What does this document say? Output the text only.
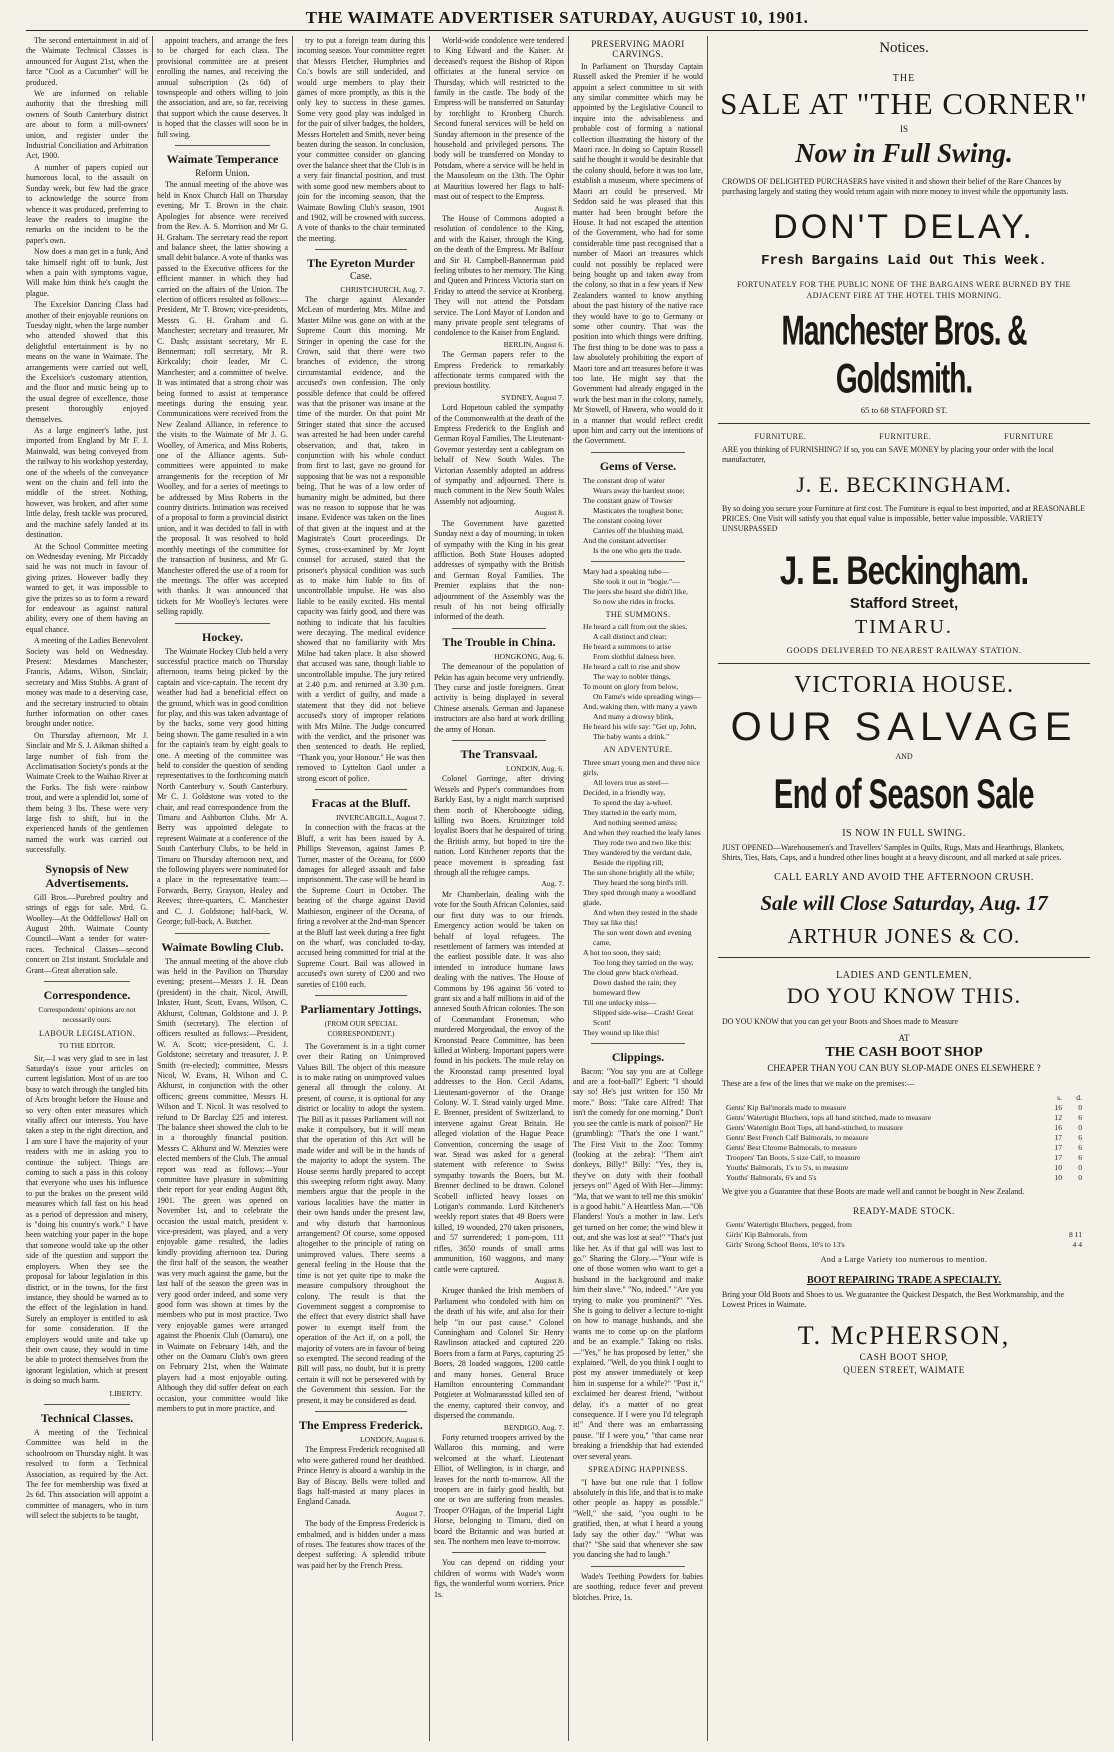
THE WAIMATE ADVERTISER SATURDAY, AUGUST 10, 1901.

The second entertainment in aid of the Waimate Technical Classes is announced for August 21st, when the farce "Cool as a Cucumber" will be produced.

We are informed on reliable authority that the threshing mill owners of South Canterbury district are about to form a mill-owners' union, and register under the Industrial Conciliation and Arbitration Act, 1900.

A number of papers copied our humorous local, to the assault on Sunday week, but few had the grace to acknowledge the source from whence it was produced, preferring to leave the readers to imagine the remarks on the incident to be the paper's own.

Now does a man get in a funk, And take himself right off to bunk, Just when a pain with symptoms vague, Will make him think he's caught the plague.

The Excelsior Dancing Class had another of their enjoyable reunions on Tuesday night, when the large number who attended showed that this delightful entertainment is by no means on the wane in Waimate. The arrangements were carried out well, the Excelsior's customary attention, and the floor and music being up to the usual degree of excellence, those present thoroughly enjoyed themselves.

As a large engineer's lathe, just imported from England by Mr F. J. Mainwald, was being conveyed from the railway to his workshop yesterday, one of the wheels of the conveyance went on the chain and fell into the middle of the street. Nothing, however, was broken, and after some little delay, fresh tackle was procured, and the machine safely landed at its destination.

At the School Committee meeting on Wednesday evening, Mr Piccaddy said he was not much in favour of giving prizes. However badly they wanted to get, it was impossible to give the prizes so as to form a reward for endeavour as against natural ability, every one of them having an equal chance.

A meeting of the Ladies Benevolent Society was held on Wednesday. Present: Mesdames Manchester, Francis, Adams, Wilson, Sinclair, secretary and Miss Stubbs. A grant of money was made to a deserving case, and the secretary instructed to obtain further information on other cases brought under notice.

On Thursday afternoon, Mr J. Sinclair and Mr S. J. Aikman shifted a large number of fish from the Acclimatisation Society's ponds at the Waimate Creek to the Waihao River at the Forks. The fish were rainbow trout, and were a splendid lot, some of them being 3 lbs. These were very large fish to shift, but in the experienced hands of the gentlemen named the work was carried out successfully.

Synopsis of New Advertisements.

Gill Bros.—Purebred poultry and strings of eggs for sale. Mrd. G. Woolley—At the Oddfellows' Hall on August 20th. Waimate County Council—Want a tender for water-races. Technical Classes—second concert on 21st instant. Stockdale and Grant—Great alteration sale.

Correspondence.
Correspondents' opinions are not necessarily ours.
LABOUR LEGISLATION.
TO THE EDITOR.

Sir,—I was very glad to see in last Saturday's issue your articles on current legislation. Most of us are too busy to watch through the tangled bits of Acts brought before the House and so very often enter measures which vitally affect our interests. You have taken a step in the right direction, and I am sure I have the majority of your readers with me in asking you to continue the subject. Things are coming to such a pass in this colony that everyone who uses his influence to put the brakes on the present wild measures which fall fast on his head as a period of depression and misery, is "doing his country's work." I have been watching your paper in the hope that someone would take up the other side of the question and support the employers. When they see the proposal for labour legislation in this district, or in the towns, for the first instance, they should be warned as to the effect of the legislation in hand. Surely an employer is entitled to ask for some consideration. If the employers would unite and take up their own cause, they would in time be able to protect themselves from the ignorant legislation, which at present is doing so much harm.

LIBERTY.
Technical Classes.

A meeting of the Technical Committee was held in the schoolroom on Thursday night. It was resolved to form a Technical Association, as required by the Act. The fee for membership was fixed at 2s 6d. This association will appoint a committee of managers, who in turn will select the subjects to be taught,

appoint teachers, and arrange the fees to be charged for each class. The provisional committee are at present enrolling the names, and receiving the annual subscription (2s 6d) of townspeople and others willing to join the association, and are, so far, receiving that support which the cause deserves. It is hoped that the classes will soon be in full swing.

Waimate Temperance
Reform Union.

The annual meeting of the above was held in Knox Church Hall on Thursday evening, Mr T. Brown in the chair. Apologies for absence were received from the Rev. A. S. Morrison and Mr G. H. Graham. The secretary read the report and balance sheet, the latter showing a small debit balance. A vote of thanks was passed to the Executive officers for the efficient manner in which they had carried on the affairs of the Union. The election of officers resulted as follows:—President, Mr T. Brown; vice-presidents, Messrs G. H. Graham and G. Manchester; secretary and treasurer, Mr C. Dash; assistant secretary, Mr E. Bennerman; roll secretary, Mr R. Kirkcaldy; choir leader, Mr C. Manchester; and a committee of twelve. It was intimated that a strong choir was being formed to assist at temperance meetings during the ensuing year. Communications were received from the New Zealand Alliance, in reference to the visits to the Waimate of Mr J. G. Woolley, of America, and Miss Roberts, one of the Alliance agents. Sub-committees were appointed to make arrangements for the reception of Mr Woolley, and for a series of meetings to be addressed by Miss Roberts in the country districts. Intimation was received of a proposal to form a provincial district union, and it was decided to fall in with the proposal. It was resolved to hold monthly meetings of the committee for the transaction of business, and Mr G. Manchester offered the use of a room for the meetings. The offer was accepted with thanks. It was announced that tickets for Mr Woolley's lectures were selling rapidly.

Hockey.

The Waimate Hockey Club held a very successful practice match on Thursday afternoon, teams being picked by the captain and vice-captain. The recent dry weather had had a beneficial effect on the ground, which was in good condition for play, and this was taken advantage of by the backs, some very good hitting being shown. The game resulted in a win for the captain's team by eight goals to one. A meeting of the committee was held to consider the question of sending representatives to the forthcoming match North Canterbury v. South Canterbury. Mr C. J. Goldstone was voted to the chair, and read correspondence from the Timaru and Ashburton Clubs. Mr A. Berry was appointed delegate to represent Waimate at a conference of the South Canterbury Clubs, to be held in Timaru on Thursday afternoon next, and the following players were nominated for a place in the representative team:—Forwards, Berry, Grayson, Healey and Reeves; three-quarters, C. Manchester and C. J. Goldstone; half-back, W. George; full-back, A. Butcher.

Waimate Bowling Club.

The annual meeting of the above club was held in the Pavilion on Thursday evening; present—Messrs J. H. Dean (president) in the chair, Nicol, Atwill, Inkster, Hunt, Scott, Evans, Wilson, C. Akhurst, Coltman, Goldstone and J. P. Smith (secretary). The election of officers resulted as follows:—President, W. A. Scott; vice-president, C. J. Goldstone; secretary and treasurer, J. P. Smith (re-elected); committee, Messrs Nicol, W. Evans, H. Wilson and C. Akhurst, in conjunction with the other officers; greens committee, Messrs H. Wilson and T. Nicol. It was resolved to refund to Dr Barclay £25 and interest. The balance sheet showed the club to be in a thoroughly financial position. Messrs C. Akhurst and W. Menzies were elected members of the Club. The annual report was read as follows:—Your committee have pleasure in submitting their report for year ending August 8th, 1901. The green was opened on November 1st, and to celebrate the occasion the usual match, president v. vice-president, was played, and a very enjoyable game resulted, the ladies kindly providing afternoon tea. During the first half of the season, the weather was very much against the game, but the last half of the season the green was in very good order indeed, and some very good form was shown at times by the members who put in most practice. Two very enjoyable games were arranged against the Phoenix Club (Oamaru), one in Waimate on February 14th, and the other on the Oamaru Club's own green on February 21st, when the Waimate players had a most enjoyable outing. Although they did suffer defeat on each occasion, your committee would like members to put in more practice, and

try to put a foreign team during this incoming season. Your committee regret that Messrs Fletcher, Humphries and Co.'s bowls are still undecided, and would urge members to play their games of more promptly, as this is the only key to success in these games. Some very good play was indulged in for the pair of silver badges, the holders, Messrs Hortelett and Smith, never being beaten during the season. In conclusion, your committee consider on glancing over the balance sheet that the Club is in a very fair financial position, and trust with some good new members about to join for the incoming season, that the Waimate Bowling Club's season, 1901 and 1902, will be crowned with success. A vote of thanks to the chair terminated the meeting.

The Eyreton Murder
Case.
CHRISTCHURCH, Aug. 7.

The charge against Alexander McLean of murdering Mrs. Milne and Master Milne was gone on with at the Supreme Court this morning. Mr Stringer in opening the case for the Crown, said that there were two branches of evidence, the strong circumstantial evidence, and the accused's own confession. The only possible defence that could be offered was that the prisoner was insane at the time of the murder. On that point Mr Stringer stated that since the accused was arrested he had been under careful observation, and that, taken in conjunction with his whole conduct from first to last, gave no ground for supposing that he was not a responsible being. That he was of a low order of humanity might be admitted, but there was no reason to suppose that he was insane. Evidence was taken on the lines of that given at the inquest and at the Magistrate's Court proceedings. Dr Symes, cross-examined by Mr Joynt counsel for accused, stated that the prisoner's physical condition was such as to make him liable to fits of uncontrollable impulse. He was also liable to be easily excited. His mental capacity was fairly good, and there was nothing to indicate that his faculties were decaying. The medical evidence showed that no familiarity with Mrs Milne had taken place. It also showed that accused was sane, though liable to uncontrollable impulse. The jury retired at 2.40 p.m. and returned at 3.30 p.m. with a verdict of guilty, and made a statement that they did not believe accused's story of improper relations with Mrs Milne. The Judge concurred with the verdict, and the prisoner was then sentenced to death. He replied, "Thank you, your Honour." He was then removed to Lyttelton Gaol under a strong escort of police.

Fracas at the Bluff.
INVERCARGILL, August 7.

In connection with the fracas at the Bluff, a writ has been issued by A. Phillips Stevenson, against James P. Turner, master of the Oceana, for £600 damages for alleged assault and false imprisonment. The case will be heard in the Supreme Court in October. The hearing of the charge against David Mathieson, engineer of the Oceana, of firing a revolver at the 2nd-man Spencer at the Bluff last week during a free fight on the wharf, was concluded to-day, accused being committed for trial at the Supreme Court. Bail was allowed in accused's own surety of £200 and two sureties of £100 each.

Parliamentary Jottings.
(FROM OUR SPECIAL CORRESPONDENT.)

The Government is in a tight corner over their Rating on Unimproved Values Bill. The object of this measure is to make rating on unimproved values general all through the colony. At present, of course, it is optional for any district or locality to adopt the system. The Bill as it passes Parliament will not make it compulsory, but it will mean that the operation of this Act will be made wider and will be in the hands of the majority to adopt the system. The House seems hardly prepared to accept this sweeping reform right away. Many members argue that the people in the various localities have the matter in their own hands under the present law, and why disturb that harmonious arrangement? Of course, some opposed altogether to the principle of rating on unimproved values. There seems a general feeling in the House that the time is not yet quite ripe to make the measure compulsory throughout the colony. The result is that the Government suggest a compromise to the effect that every district shall have power to exempt itself from the operation of the Act if, on a poll, the majority of voters are in favour of being so exempted. The second reading of the Bill will pass, no doubt, but it is pretty certain it will not be persevered with by the Government this session. For the present, it may be considered as dead.

The Empress Frederick.
LONDON, August 6.

The Empress Frederick recognised all who were gathered round her deathbed. Prince Henry is aboard a warship in the Bay of Biscay. Bells were tolled and flags half-masted at many places in England Canada.

August 7.

The body of the Empress Frederick is embalmed, and is hidden under a mass of roses. The features show traces of the deepest suffering. A splendid tribute was paid her by the French Press.

World-wide condolence were tendered to King Edward and the Kaiser. At deceased's request the Bishop of Ripon officiates at the funeral service on Thursday, which will restricted to the family in the castle. The body of the Empress will be transferred on Saturday by torchlight to Kronberg Church. Second funeral services will be held on Sunday afternoon in the presence of the household and privileged persons. The body will be transferred on Monday to Potsdam, where a service will be held in the Mausoleum on the 13th. The Ophir at Mauritius lowered her flags to half-mast out of respect to the Empress.

August 8.

The House of Commons adopted a resolution of condolence to the King, and with the Kaiser, through the King, on the death of the Empress. Mr Balfour and Sir H. Campbell-Bannerman paid feeling tributes to her memory. The King and Queen and Princess Victoria start on Friday to attend the service at Kronberg. They will not attend the Potsdam service. The Lord Mayor of London and many private people sent telegrams of condolence to the Kaiser from England.

BERLIN, August 6.

The German papers refer to the Empress Frederick to remarkably affectionate terms compared with the previous hostility.

SYDNEY, August 7.

Lord Hopetoun cabled the sympathy of the Commonwealth at the death of the Empress Frederick to the English and German Royal Families. The Lieutenant-Governor yesterday sent a cablegram on behalf of New South Wales. The Victorian Assembly adopted an address of sympathy and adjourned. There is much comment in the New South Wales Assembly not adjourning.

August 8.

The Government have gazetted Sunday next a day of mourning, in token of sympathy with the King in his great affliction. Both State Houses adopted addresses of sympathy with the British and German Royal Families. The Premier explains that the non-adjournment of the Assembly was the result of his not being officially informed of the death.

The Trouble in China.
HONGKONG, Aug. 6.

The demeanour of the population of Pekin has again become very unfriendly. They curse and jostle foreigners. Great activity is being displayed in several Chinese arsenals. German and Japanese instructors are also hard at work drilling the army of Honan.

The Transvaal.
LONDON, Aug. 6.

Colonel Gorringe, after driving Wessels and Pyper's commandoes from Barkly East, by a night march surprised them north of Kheroboogte siding, killing two Boers. Kruitzinger told loyalist Boers that he despaired of tiring the British army, but hoped to tire the nation. Lord Kitchener reports that the peace movement is spreading fast through all the refugee camps.

Aug. 7.

Mr Chamberlain, dealing with the vote for the South African Colonies, said our first duty was to our friends. Emergency action would be taken on behalf of loyal refugees. The resettlement of farmers was intended at the earliest possible date. It was also intended to introduce humane laws dealing with the natives. The House of Commons by 196 against 56 voted to grant six and a half millions in aid of the annexed South African colonies. The son of Commandant Froneman, who murdered Morgendaal, the envoy of the Kroonstad Peace Committee, has been killed at Winberg. Important papers were found in his pockets. The mule relay on the Kroonstad camp presented loyal addresses to the Hon. Cecil Adams, Lieutenant-governor of the Orange Colony. W. T. Stead vainly urged Mme. E. Brenner, president of Switzerland, to intervene against Great Britain. He alleged violation of the Hague Peace Convention, concerning the usage of war. Stead was asked for a general statement with reference to Swiss sympathy towards the Boers, but M. Brenner declined to be drawn. Colonel Scobell inflicted heavy losses on Lotigan's commando. Lord Kitchener's weekly report states that 49 Boers were killed, 19 wounded, 270 taken prisoners, and 57 surrendered; 1 pom-pom, 111 rifles, 3650 rounds of small arms ammunition, 160 waggons, and many cattle were captured.

August 8.

Kruger thanked the Irish members of Parliament who condoled with him on the death of his wife, and also for their help "in our past cause." Colonel Cunningham and Colonel Sir Henry Rawlinson attacked and captured 220 Boers from a farm at Parys, capturing 25 Boers, 28 loaded waggons, 1200 cattle and many horses. General Bruce Hamilton encountering Commandant Potgieter at Wolmaransstad killed ten of the enemy, captured their convoy, and dispersed the commando.

BENDIGO, Aug. 7.

Forty returned troopers arrived by the Wallaroo this morning, and were welcomed at the wharf. Lieutenant Elliot, of Wellington, is in charge, and leaves for the north to-morrow. All the troopers are in fairly good health, but one or two are suffering from measles. Trooper O'Hagan, of the Imperial Light Horse, belonging to Timaru, died on board the Britannic and was buried at sea. The northern men leave to-morrow.

You can depend on ridding your children of worms with Wade's worm figs, the wonderful worm worriers. Price 1s.

PRESERVING MAORI CARVINGS.

In Parliament on Thursday Captain Russell asked the Premier if he would appoint a select committee to sit with any similar committee which may be appointed by the Legislative Council to inquire into the advisableness and probable cost of forming a national collection illustrating the history of the Maori race. In doing so Captain Russell said he thought it would be desirable that the colony should, before it was too late, establish a museum, where specimens of Maori art could be preserved. Mr Seddon said he was pleased that this matter had been brought before the House. It had not escaped the attention of the Government, who had for some considerable time past recognised that a number of Maori art treasures which could not possibly be replaced were being bought up and taken away from the colony, so that in a few years if New Zealanders wanted to know anything about the past history of the native race they would have to go to Germany or some other country. That was the position into which things were drifting. The first thing to be done was to pass a law absolutely prohibiting the export of Maori tore and art treasures before it was too late. He might say that the Government had already engaged in the work the best man in the colony, namely, Mr Stowell, of Hawera, who would do it in a manner that would reflect credit upon him and carry out the intentions of the Government.

Gems of Verse.
The constant drop of water
Wears away the hardest stone;
The constant gnaw of Towser
Masticates the toughest bone;
The constant cooing lover
Carries off the blushing maid,
And the constant advertiser
Is the one who gets the trade.
Mary had a speaking tube—
She took it out in "bogie."—
The jeers she heard she didn't like,
So now she rides in frocks.
THE SUMMONS.
He heard a call from out the skies,
A call distinct and clear;
He heard a summons to arise
From slothful dalness here.
He heard a call to rise and show
The way to nobler things,
To mount on glory from below,
On Fame's wide spreading wings—
And, waking then, with many a yawn
And many a drowsy blink,
He heard his wife say: "Get up, John,
The baby wants a drink."
AN ADVENTURE.
Three smart young men and three nice girls,
All lovers true as steel—
Decided, in a friendly way,
To spend the day a-wheel.
They started in the early morn,
And nothing seemed amiss;
And when they reached the leafy lanes
They rode two and two like this:
They wandered by the verdant dale,
Beside the rippling rill;
The sun shone brightly all the while;
They heard the song bird's trill.
They sped through many a woodland glade,
And when they rested in the shade
They sat like this!
The sun went down and evening came,
A hot too soon, they said;
Too long they tarried on the way,
The cloud grew black o'erhead.
Down dashed the rain; they homeward flew
Till one unlucky miss—
Slipped side-wise—Crash! Great Scott!
They wound up like this!
Clippings.

Bacon: "You say you are at College and are a foot-ball?" Egbert: "I should say so! He's just written for 150 Mr more." Boss: "Take care Alfred! That isn't the comedy for one morning." Don't you see the cattle is mark of poison?" He (grumbling): "That's the one I want." The First Visit to the Zoo: Tommy (looking at the zebra): "Them ain't donkeys, Billy!" Billy: "Yes, they is, they've on duty with their football jerseys on!" Aged of With Her—Jimmy: "Ma, that we want to tell me this smokin' is a good habit." A Heartless Man.—"Oh Flanders! You's a mother in law. Let's get turned on her come; the wind blew it out, and she was lost at sea!" "That's just like her. As if that gal will was lost to go." Sharing the Glory.—"Your wife is one of those women who want to get a husband in the background and make him their slave." "No, indeed." "Are you trying to make you prominent?" "Yes. She is going to deliver a lecture to-night on how to manage husbands, and she wants me to come up on the platform and be an example." Taking no risks.—"Yes," he has proposed by letter," she explained. "Well, do you think I ought to post my answer immediately or keep him in suspense for a while?" "Post it," exclaimed her dearest friend, "without delay, it's a matter of no great consequence. If I were you I'd telegraph it!" And there was an embarrassing pause. "If I were you," "that came near breaking a friendship that had extended over several years.

SPREADING HAPPINESS.

"I have but one rule that I follow absolutely in this life, and that is to make other people as happy as possible." "Well," she said, "you ought to be gratified, then, at what I heard a young lady say the other day." "What was that?" "She said that whenever she saw you dancing she had to laugh."

Wade's Teething Powders for babies are soothing, reduce fever and prevent blotches. Price, 1s.

Notices.
THE
SALE AT "THE CORNER"
IS
Now in Full Swing.
CROWDS OF DELIGHTED PURCHASERS have visited it and shown their belief of the Rare Chances by purchasing largely and stating they would return again with more money to invest while the opportunity lasts.
DON'T DELAY.
Fresh Bargains Laid Out This Week.
FORTUNATELY FOR THE PUBLIC NONE OF THE BARGAINS WERE BURNED BY THE ADJACENT FIRE AT THE HOTEL THIS MORNING.
Manchester Bros. & Goldsmith.
65 to 68 STAFFORD ST.
FURNITURE.	FURNITURE.	FURNITURE
ARE you thinking of FURNISHING? If so, you can SAVE MONEY by placing your order with the local manufacturer,
J. E. BECKINGHAM.
By so doing you secure your Furniture at first cost. The Furniture is equal to best imported, and at REASONABLE PRICES. One Visit will satisfy you that equal value is impossible, better value impossible. VARIETY UNSURPASSED
J. E. Beckingham.
Stafford Street,
TIMARU.
GOODS DELIVERED TO NEAREST RAILWAY STATION.
VICTORIA HOUSE.
OUR SALVAGE
AND
End of Season Sale
IS NOW IN FULL SWING.
JUST OPENED—Warehousemen's and Travellers' Samples in Quilts, Rugs, Mats and Hearthrugs, Blankets, Shirts, Ties, Hats, Caps, and a hundred other lines bought at a heavy discount, and all marked at sale prices.
CALL EARLY AND AVOID THE AFTERNOON CRUSH.
Sale will Close Saturday, Aug. 17
ARTHUR JONES & CO.
LADIES AND GENTLEMEN,
DO YOU KNOW THIS.
DO YOU KNOW that you can get your Boots and Shoes made to Measure
AT
THE CASH BOOT SHOP
CHEAPER THAN YOU CAN BUY SLOP-MADE ONES ELSEWHERE ?
These are a few of the lines that we make on the premises:—
	s.	d.
Gents' Kip Bal'morals made to measure	16	0
Gents' Watertight Bluchers, tops all hand stitched, made to measure	12	6
Gents' Watertight Boot Tops, all hand-stitched, to measure	16	0
Gents' Best French Calf Balmorals, to measure	17	6
Gents' Best Chrome Balmorals, to measure	17	6
Troopers' Tan Boots, 5 size Calf, to measure	17	6
Youths' Balmorals, 1's to 5's, to measure	10	0
Youths' Balmorals, 6's and 5's	10	0
We give you a Guarantee that these Boots are made well and cannot be bought in New Zealand.
READY-MADE STOCK.
Gents' Watertight Bluchers, pegged, from	
Girls' Kip Balmorals, from	8 11
Girls' Strong School Boots, 10's to 13's	4 4
And a Large Variety too numerous to mention.
BOOT REPAIRING TRADE A SPECIALTY.
Bring your Old Boots and Shoes to us. We guarantee the Quickest Despatch, the Best Workmanship, and the Lowest Prices in Waimate.
T. McPHERSON,
CASH BOOT SHOP,
QUEEN STREET, WAIMATE
